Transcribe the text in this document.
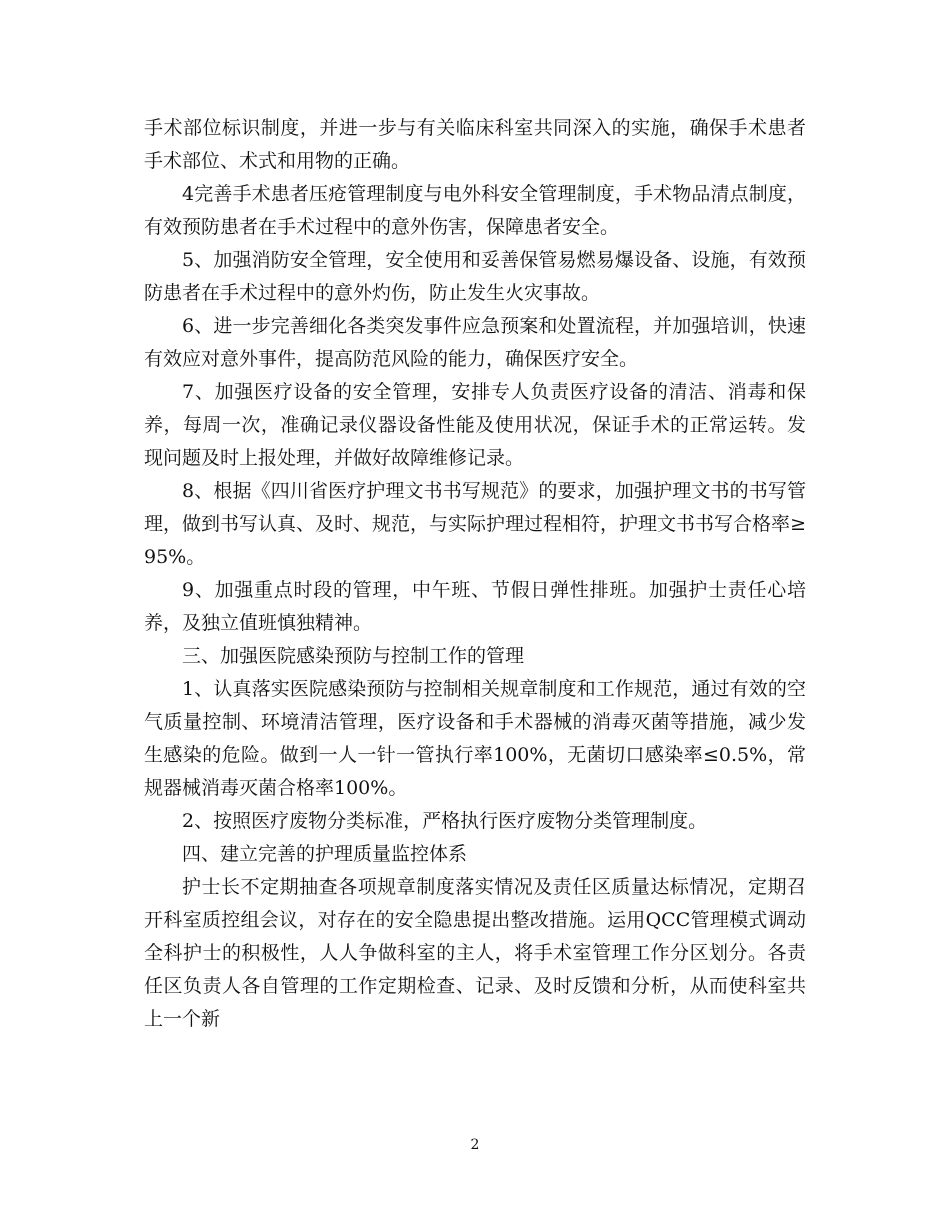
手术部位标识制度，并进一步与有关临床科室共同深入的实施，确保手术患者手术部位、术式和用物的正确。

4完善手术患者压疮管理制度与电外科安全管理制度，手术物品清点制度，有效预防患者在手术过程中的意外伤害，保障患者安全。

5、加强消防安全管理，安全使用和妥善保管易燃易爆设备、设施，有效预防患者在手术过程中的意外灼伤，防止发生火灾事故。

6、进一步完善细化各类突发事件应急预案和处置流程，并加强培训，快速有效应对意外事件，提高防范风险的能力，确保医疗安全。

7、加强医疗设备的安全管理，安排专人负责医疗设备的清洁、消毒和保养，每周一次，准确记录仪器设备性能及使用状况，保证手术的正常运转。发现问题及时上报处理，并做好故障维修记录。

8、根据《四川省医疗护理文书书写规范》的要求，加强护理文书的书写管理，做到书写认真、及时、规范，与实际护理过程相符，护理文书书写合格率≥95%。

9、加强重点时段的管理，中午班、节假日弹性排班。加强护士责任心培养，及独立值班慎独精神。

三、加强医院感染预防与控制工作的管理

1、认真落实医院感染预防与控制相关规章制度和工作规范，通过有效的空气质量控制、环境清洁管理，医疗设备和手术器械的消毒灭菌等措施，减少发生感染的危险。做到一人一针一管执行率100%，无菌切口感染率≤0.5%，常规器械消毒灭菌合格率100%。

2、按照医疗废物分类标准，严格执行医疗废物分类管理制度。

四、建立完善的护理质量监控体系

护士长不定期抽查各项规章制度落实情况及责任区质量达标情况，定期召开科室质控组会议，对存在的安全隐患提出整改措施。运用QCC管理模式调动全科护士的积极性，人人争做科室的主人，将手术室管理工作分区划分。各责任区负责人各自管理的工作定期检查、记录、及时反馈和分析，从而使科室共上一个新

2
